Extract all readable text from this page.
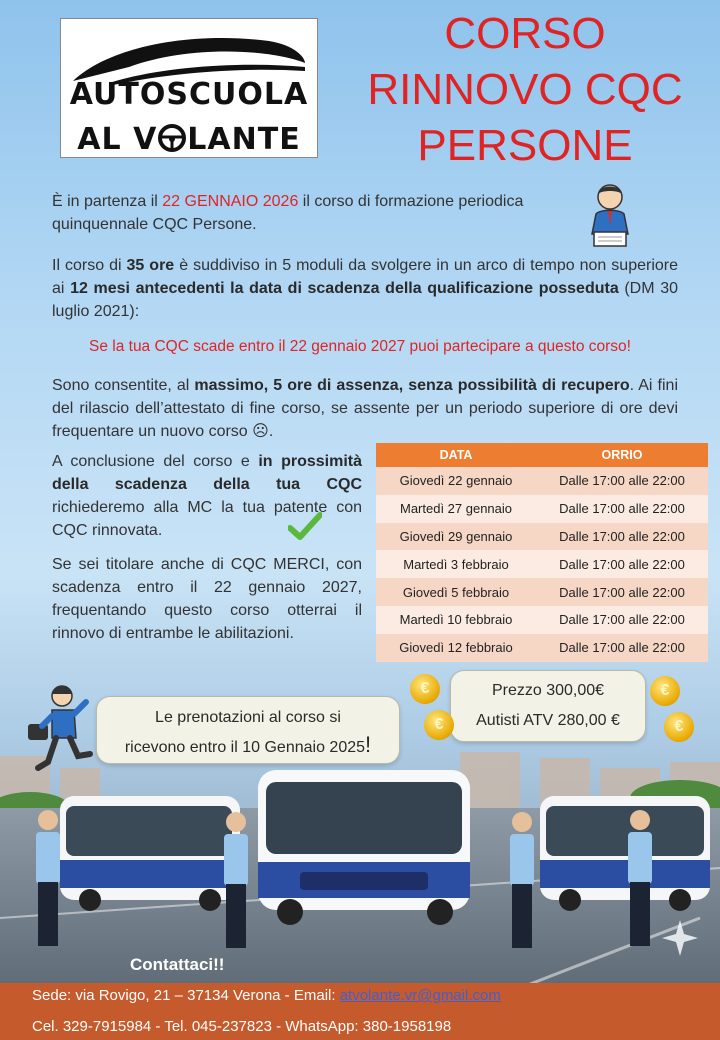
AUTOSCUOLA
AL V LANTE
CORSO
RINNOVO CQC
PERSONE
È in partenza il 22 GENNAIO 2026 il corso di formazione periodica quinquennale CQC Persone.
Il corso di 35 ore è suddiviso in 5 moduli da svolgere in un arco di tempo non superiore ai 12 mesi antecedenti la data di scadenza della qualificazione posseduta (DM 30 luglio 2021):
Se la tua CQC scade entro il 22 gennaio 2027 puoi partecipare a questo corso!
Sono consentite, al massimo, 5 ore di assenza, senza possibilità di recupero. Ai fini del rilascio dell’attestato di fine corso, se assente per un periodo superiore di ore devi frequentare un nuovo corso ☹.
A conclusione del corso e in prossimità della scadenza della tua CQC richiederemo alla MC la tua patente con CQC rinnovata.
Se sei titolare anche di CQC MERCI, con scadenza entro il 22 gennaio 2027, frequentando questo corso otterrai il rinnovo di entrambe le abilitazioni.
DATA	ORRIO
Giovedì 22 gennaio	Dalle 17:00 alle 22:00
Martedì 27 gennaio	Dalle 17:00 alle 22:00
Giovedì 29 gennaio	Dalle 17:00 alle 22:00
Martedì 3 febbraio	Dalle 17:00 alle 22:00
Giovedì 5 febbraio	Dalle 17:00 alle 22:00
Martedì 10 febbraio	Dalle 17:00 alle 22:00
Giovedì 12 febbraio	Dalle 17:00 alle 22:00
Le prenotazioni al corso si
ricevono entro il 10 Gennaio 2025!
Prezzo 300,00€
Autisti ATV 280,00 €
€
€
€
€
Contattaci!!
Sede: via Rovigo, 21 – 37134 Verona - Email: atvolante.vr@gmail.com
Cel. 329-7915984 - Tel. 045-237823 - WhatsApp: 380-1958198
